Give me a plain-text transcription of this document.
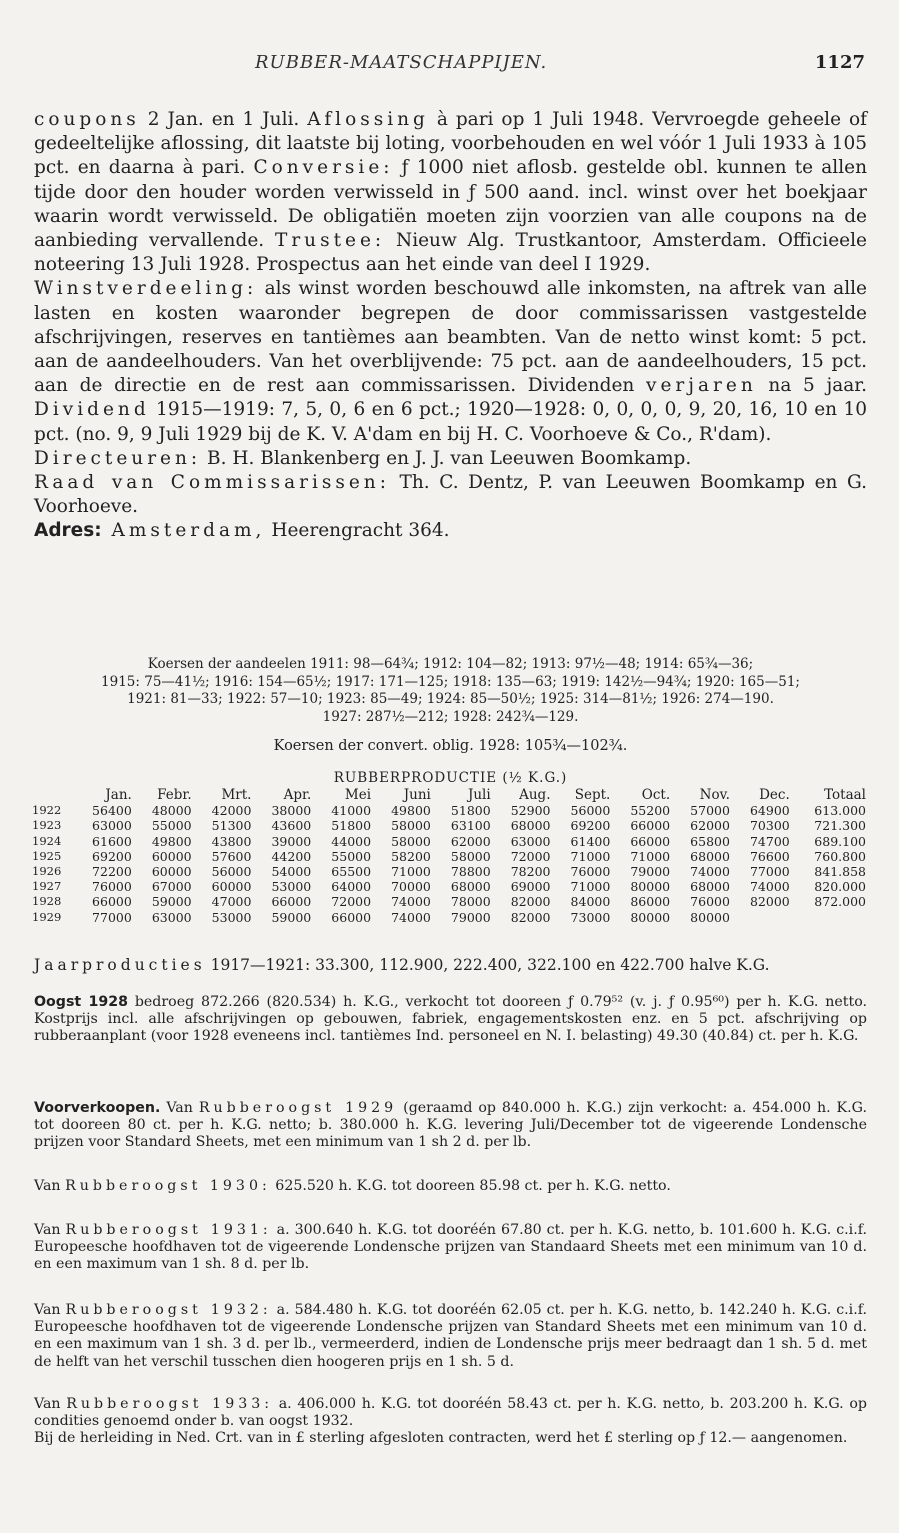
RUBBER-MAATSCHAPPIJEN.	1127

coupons 2 Jan. en 1 Juli. Aflossing à pari op 1 Juli 1948. Vervroegde geheele of gedeeltelijke aflossing, dit laatste bij loting, voorbehouden en wel vóór 1 Juli 1933 à 105 pct. en daarna à pari. Conversie: ƒ 1000 niet aflosb. gestelde obl. kunnen te allen tijde door den houder worden verwisseld in ƒ 500 aand. incl. winst over het boekjaar waarin wordt verwisseld. De obligatiën moeten zijn voorzien van alle coupons na de aanbieding vervallende. Trustee: Nieuw Alg. Trustkantoor, Amsterdam. Officieele noteering 13 Juli 1928. Prospectus aan het einde van deel I 1929.

Winstverdeeling: als winst worden beschouwd alle inkomsten, na aftrek van alle lasten en kosten waaronder begrepen de door commissarissen vastgestelde afschrijvingen, reserves en tantièmes aan beambten. Van de netto winst komt: 5 pct. aan de aandeelhouders. Van het overblijvende: 75 pct. aan de aandeelhouders, 15 pct. aan de directie en de rest aan commissarissen. Dividenden verjaren na 5 jaar. Dividend 1915—1919: 7, 5, 0, 6 en 6 pct.; 1920—1928: 0, 0, 0, 0, 9, 20, 16, 10 en 10 pct. (no. 9, 9 Juli 1929 bij de K. V. A'dam en bij H. C. Voorhoeve & Co., R'dam).

Directeuren: B. H. Blankenberg en J. J. van Leeuwen Boomkamp.

Raad van Commissarissen: Th. C. Dentz, P. van Leeuwen Boomkamp en G. Voorhoeve.

Adres: Amsterdam, Heerengracht 364.

Koersen der aandeelen 1911: 98—64¾; 1912: 104—82; 1913: 97½—48; 1914: 65¾—36;
1915: 75—41½; 1916: 154—65½; 1917: 171—125; 1918: 135—63; 1919: 142½—94¾; 1920: 165—51;
1921: 81—33; 1922: 57—10; 1923: 85—49; 1924: 85—50½; 1925: 314—81½; 1926: 274—190.
1927: 287½—212; 1928: 242¾—129.
Koersen der convert. oblig. 1928: 105¾—102¾.
RUBBERPRODUCTIE (½ K.G.)
	Jan.	Febr.	Mrt.	Apr.	Mei	Juni	Juli	Aug.	Sept.	Oct.	Nov.	Dec.	Totaal
1922	56400	48000	42000	38000	41000	49800	51800	52900	56000	55200	57000	64900	613.000
1923	63000	55000	51300	43600	51800	58000	63100	68000	69200	66000	62000	70300	721.300
1924	61600	49800	43800	39000	44000	58000	62000	63000	61400	66000	65800	74700	689.100
1925	69200	60000	57600	44200	55000	58200	58000	72000	71000	71000	68000	76600	760.800
1926	72200	60000	56000	54000	65500	71000	78800	78200	76000	79000	74000	77000	841.858
1927	76000	67000	60000	53000	64000	70000	68000	69000	71000	80000	68000	74000	820.000
1928	66000	59000	47000	66000	72000	74000	78000	82000	84000	86000	76000	82000	872.000
1929	77000	63000	53000	59000	66000	74000	79000	82000	73000	80000	80000		
Jaarproducties 1917—1921: 33.300, 112.900, 222.400, 322.100 en 422.700 halve K.G.
Oogst 1928 bedroeg 872.266 (820.534) h. K.G., verkocht tot dooreen ƒ 0.79⁵² (v. j. ƒ 0.95⁶⁰) per h. K.G. netto. Kostprijs incl. alle afschrijvingen op gebouwen, fabriek, engagementskosten enz. en 5 pct. afschrijving op rubberaanplant (voor 1928 eveneens incl. tantièmes Ind. personeel en N. I. belasting) 49.30 (40.84) ct. per h. K.G.
Voorverkoopen. Van Rubberoogst 1929 (geraamd op 840.000 h. K.G.) zijn verkocht: a. 454.000 h. K.G. tot dooreen 80 ct. per h. K.G. netto; b. 380.000 h. K.G. levering Juli/December tot de vigeerende Londensche prijzen voor Standard Sheets, met een minimum van 1 sh 2 d. per lb.
Van Rubberoogst 1930: 625.520 h. K.G. tot dooreen 85.98 ct. per h. K.G. netto.
Van Rubberoogst 1931: a. 300.640 h. K.G. tot dooréén 67.80 ct. per h. K.G. netto, b. 101.600 h. K.G. c.i.f. Europeesche hoofdhaven tot de vigeerende Londensche prijzen van Standaard Sheets met een minimum van 10 d. en een maximum van 1 sh. 8 d. per lb.
Van Rubberoogst 1932: a. 584.480 h. K.G. tot dooréén 62.05 ct. per h. K.G. netto, b. 142.240 h. K.G. c.i.f. Europeesche hoofdhaven tot de vigeerende Londensche prijzen van Standard Sheets met een minimum van 10 d. en een maximum van 1 sh. 3 d. per lb., vermeerderd, indien de Londensche prijs meer bedraagt dan 1 sh. 5 d. met de helft van het verschil tusschen dien hoogeren prijs en 1 sh. 5 d.
Van Rubberoogst 1933: a. 406.000 h. K.G. tot dooréén 58.43 ct. per h. K.G. netto, b. 203.200 h. K.G. op condities genoemd onder b. van oogst 1932.
Bij de herleiding in Ned. Crt. van in £ sterling afgesloten contracten, werd het £ sterling op ƒ 12.— aangenomen.
